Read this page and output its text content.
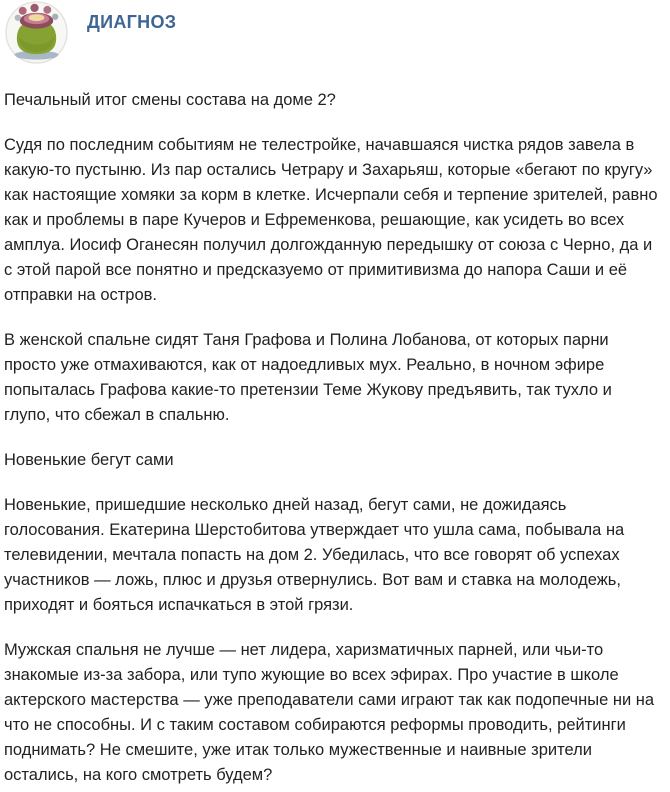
ДИАГНОЗ

Печальный итог смены состава на доме 2?

Судя по последним событиям не телестройке, начавшаяся чистка рядов завела в какую-то пустыню. Из пар остались Четрару и Захарьяш, которые «бегают по кругу» как настоящие хомяки за корм в клетке. Исчерпали себя и терпение зрителей, равно как и проблемы в паре Кучеров и Ефременкова, решающие, как усидеть во всех амплуа. Иосиф Оганесян получил долгожданную передышку от союза с Черно, да и с этой парой все понятно и предсказуемо от примитивизма до напора Саши и её отправки на остров.

В женской спальне сидят Таня Графова и Полина Лобанова, от которых парни просто уже отмахиваются, как от надоедливых мух. Реально, в ночном эфире попыталась Графова какие-то претензии Теме Жукову предъявить, так тухло и глупо, что сбежал в спальню.

Новенькие бегут сами

Новенькие, пришедшие несколько дней назад, бегут сами, не дожидаясь голосования. Екатерина Шерстобитова утверждает что ушла сама, побывала на телевидении, мечтала попасть на дом 2. Убедилась, что все говорят об успехах участников — ложь, плюс и друзья отвернулись. Вот вам и ставка на молодежь, приходят и бояться испачкаться в этой грязи.

Мужская спальня не лучше — нет лидера, харизматичных парней, или чьи-то знакомые из-за забора, или тупо жующие во всех эфирах. Про участие в школе актерского мастерства — уже преподаватели сами играют так как подопечные ни на что не способны. И с таким составом собираются реформы проводить, рейтинги поднимать? Не смешите, уже итак только мужественные и наивные зрители остались, на кого смотреть будем?
